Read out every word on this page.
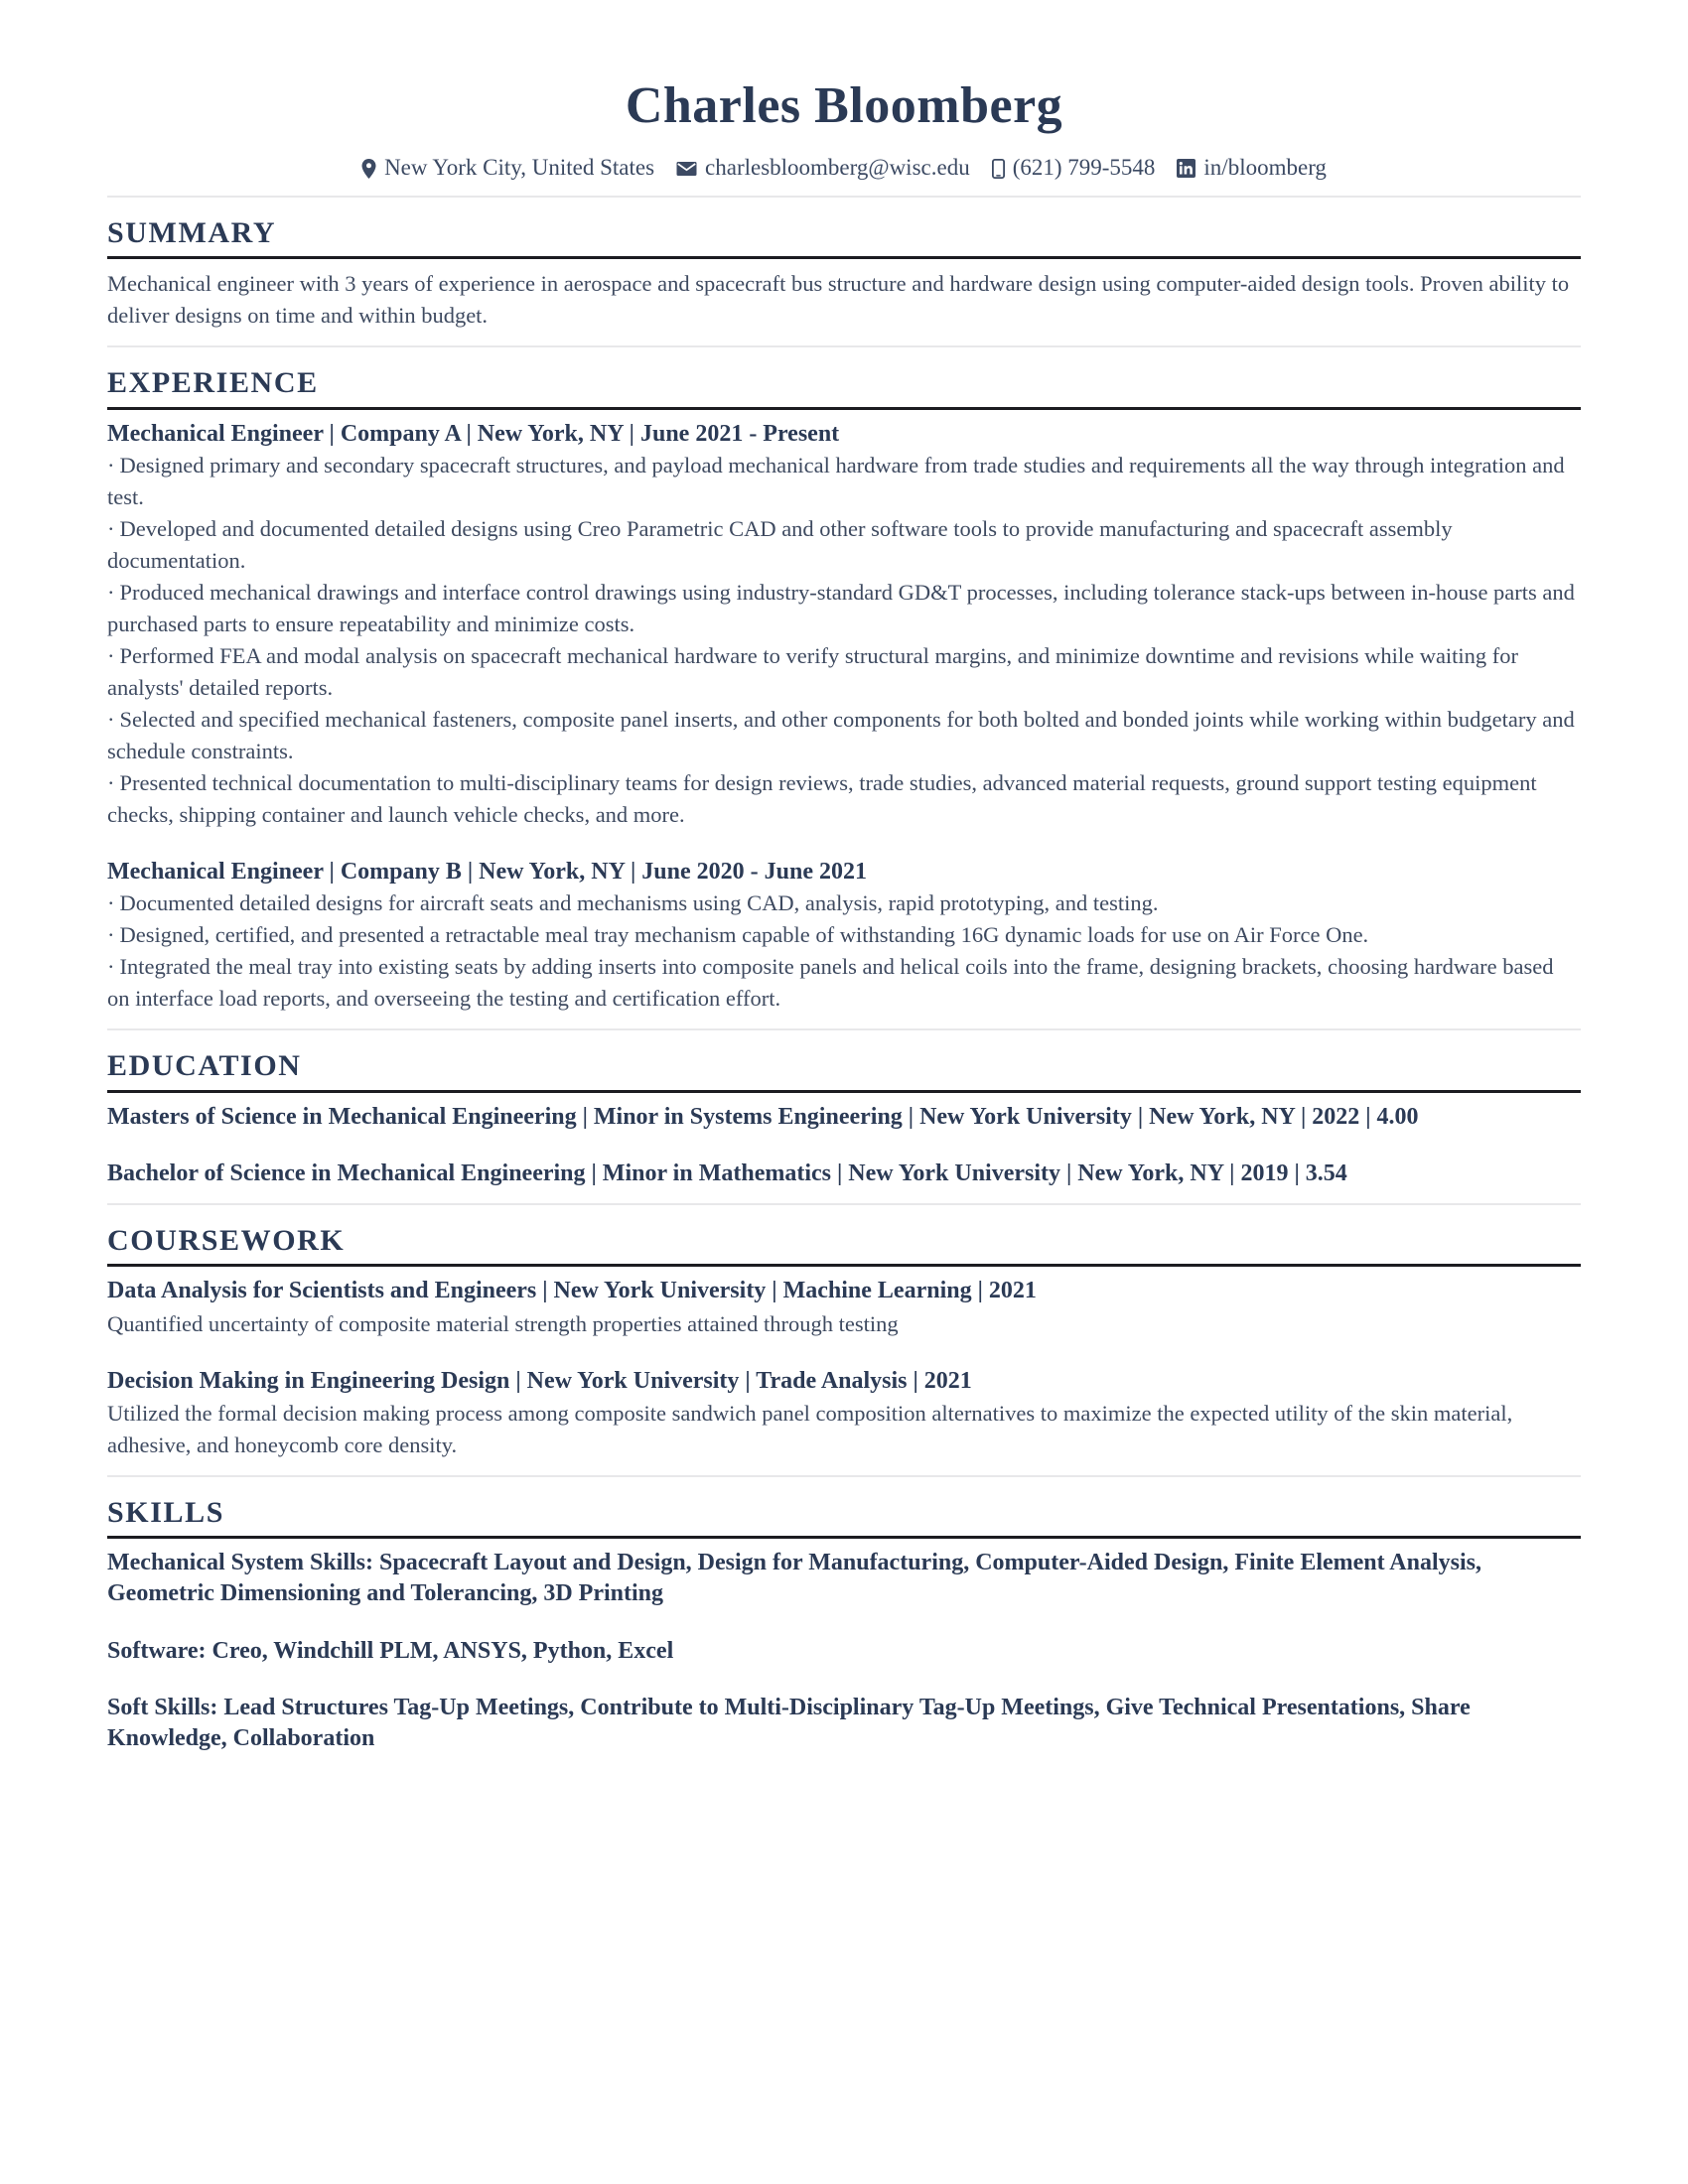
Charles Bloomberg
New York City, United States charlesbloomberg@wisc.edu (621) 799-5548 in/bloomberg
SUMMARY

Mechanical engineer with 3 years of experience in aerospace and spacecraft bus structure and hardware design using computer-aided design tools. Proven ability to deliver designs on time and within budget.

EXPERIENCE
Mechanical Engineer | Company A | New York, NY | June 2021 - Present

· Designed primary and secondary spacecraft structures, and payload mechanical hardware from trade studies and requirements all the way through integration and test.

· Developed and documented detailed designs using Creo Parametric CAD and other software tools to provide manufacturing and spacecraft assembly documentation.

· Produced mechanical drawings and interface control drawings using industry-standard GD&T processes, including tolerance stack-ups between in-house parts and purchased parts to ensure repeatability and minimize costs.

· Performed FEA and modal analysis on spacecraft mechanical hardware to verify structural margins, and minimize downtime and revisions while waiting for analysts' detailed reports.

· Selected and specified mechanical fasteners, composite panel inserts, and other components for both bolted and bonded joints while working within budgetary and schedule constraints.

· Presented technical documentation to multi-disciplinary teams for design reviews, trade studies, advanced material requests, ground support testing equipment checks, shipping container and launch vehicle checks, and more.

Mechanical Engineer | Company B | New York, NY | June 2020 - June 2021

· Documented detailed designs for aircraft seats and mechanisms using CAD, analysis, rapid prototyping, and testing.

· Designed, certified, and presented a retractable meal tray mechanism capable of withstanding 16G dynamic loads for use on Air Force One.

· Integrated the meal tray into existing seats by adding inserts into composite panels and helical coils into the frame, designing brackets, choosing hardware based on interface load reports, and overseeing the testing and certification effort.

EDUCATION

Masters of Science in Mechanical Engineering | Minor in Systems Engineering | New York University | New York, NY | 2022 | 4.00

Bachelor of Science in Mechanical Engineering | Minor in Mathematics | New York University | New York, NY | 2019 | 3.54

COURSEWORK
Data Analysis for Scientists and Engineers | New York University | Machine Learning | 2021
Quantified uncertainty of composite material strength properties attained through testing
Decision Making in Engineering Design | New York University | Trade Analysis | 2021
Utilized the formal decision making process among composite sandwich panel composition alternatives to maximize the expected utility of the skin material, adhesive, and honeycomb core density.
SKILLS

Mechanical System Skills: Spacecraft Layout and Design, Design for Manufacturing, Computer-Aided Design, Finite Element Analysis, Geometric Dimensioning and Tolerancing, 3D Printing

Software: Creo, Windchill PLM, ANSYS, Python, Excel

Soft Skills: Lead Structures Tag-Up Meetings, Contribute to Multi-Disciplinary Tag-Up Meetings, Give Technical Presentations, Share Knowledge, Collaboration
